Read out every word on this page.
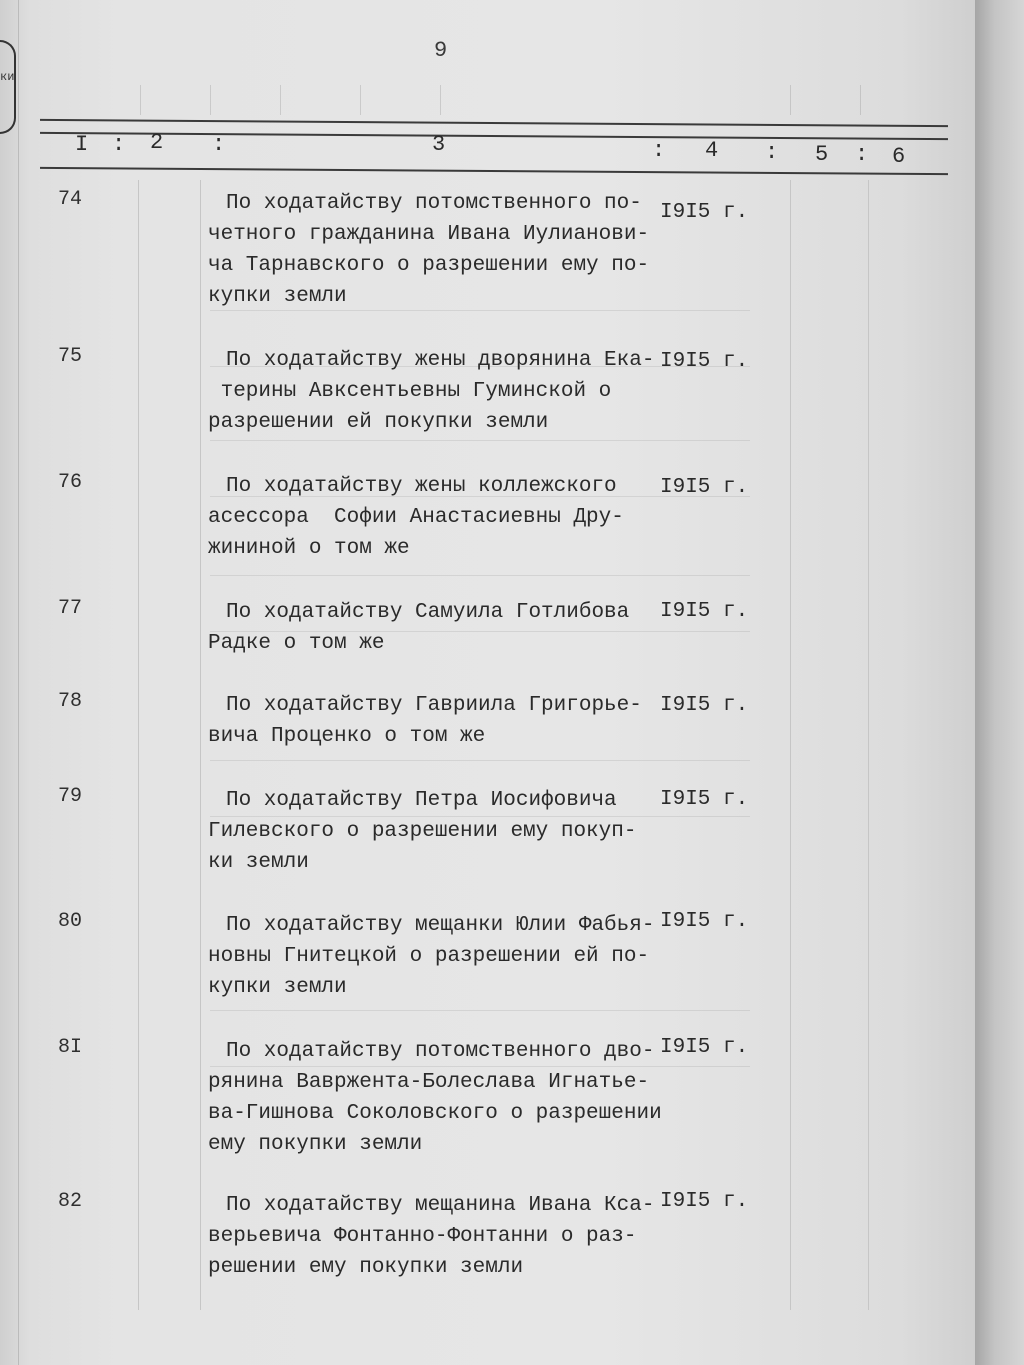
ки
9
I : 2 :	3	: 4 : 5 : 6
74	По ходатайству потомственного по-
четного гражданина Ивана Иулианови-
ча Тарнавского о разрешении ему по-
купки земли
I9I5 г.
75	По ходатайству жены дворянина Ека-
терины Авксентьевны Гуминской о
разрешении ей покупки земли
I9I5 г.
76	По ходатайству жены коллежского
асессора  Софии Анастасиевны Дру-
жининой о том же
I9I5 г.
77	По ходатайству Самуила Готлибова
Радке о том же
I9I5 г.
78	По ходатайству Гавриила Григорье-
вича Проценко о том же
I9I5 г.
79	По ходатайству Петра Иосифовича
Гилевского о разрешении ему покуп-
ки земли
I9I5 г.
80	По ходатайству мещанки Юлии Фабья-
новны Гнитецкой о разрешении ей по-
купки земли
I9I5 г.
8I	По ходатайству потомственного дво-
рянина Вавржента-Болеслава Игнатье-
ва-Гишнова Соколовского о разрешении
ему покупки земли
I9I5 г.
82	По ходатайству мещанина Ивана Кса-
верьевича Фонтанно-Фонтанни о раз-
решении ему покупки земли
I9I5 г.
